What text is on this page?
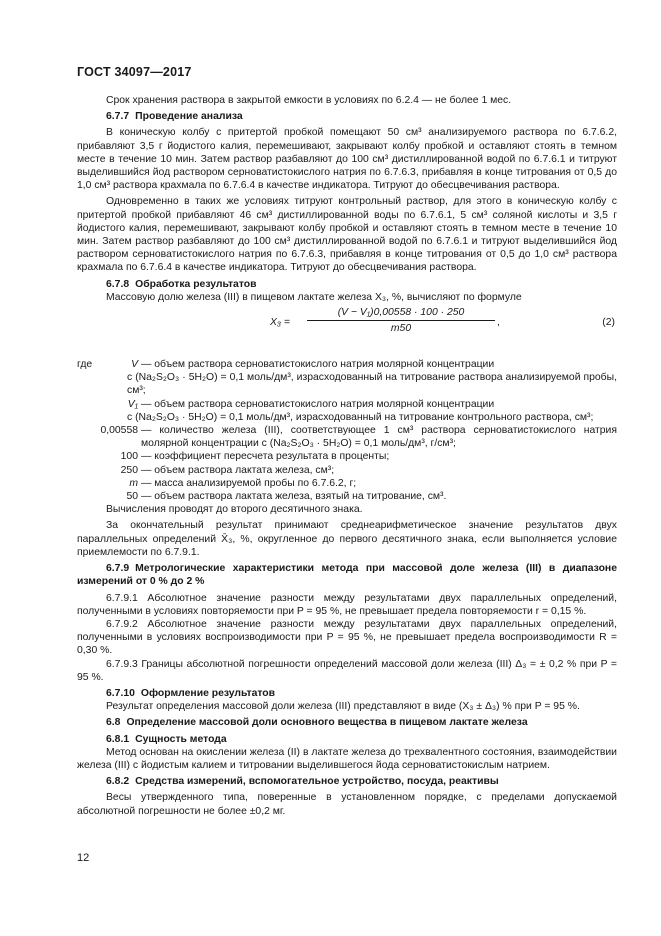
ГОСТ 34097—2017

Срок хранения раствора в закрытой емкости в условиях по 6.2.4 — не более 1 мес.

6.7.7 Проведение анализа

В коническую колбу с притертой пробкой помещают 50 см³ анализируемого раствора по 6.7.6.2, прибавляют 3,5 г йодистого калия, перемешивают, закрывают колбу пробкой и оставляют стоять в темном месте в течение 10 мин. Затем раствор разбавляют до 100 см³ дистиллированной водой по 6.7.6.1 и титруют выделившийся йод раствором серноватистокислого натрия по 6.7.6.3, прибавляя в конце титрования от 0,5 до 1,0 см³ раствора крахмала по 6.7.6.4 в качестве индикатора. Титруют до обесцвечивания раствора.

Одновременно в таких же условиях титруют контрольный раствор, для этого в коническую колбу с притертой пробкой прибавляют 46 см³ дистиллированной воды по 6.7.6.1, 5 см³ соляной кислоты и 3,5 г йодистого калия, перемешивают, закрывают колбу пробкой и оставляют стоять в темном месте в течение 10 мин. Затем раствор разбавляют до 100 см³ дистиллированной водой по 6.7.6.1 и титруют выделившийся йод раствором серноватистокислого натрия по 6.7.6.3, прибавляя в конце титрования от 0,5 до 1,0 см³ раствора крахмала по 6.7.6.4 в качестве индикатора. Титруют до обесцвечивания раствора.

6.7.8 Обработка результатов

Массовую долю железа (III) в пищевом лактате железа X₃, %, вычисляют по формуле

$X_3 = \frac{\text{(V − V₁)0,00558 · 100 · 250}}{m50}$ ,	(2)
где	V — объем раствора серноватистокислого натрия молярной концентрации

c (Na₂S₂O₃ · 5H₂O) = 0,1 моль/дм³, израсходованный на титрование раствора анализируемой пробы, см³;

V₁ — объем раствора серноватистокислого натрия молярной концентрации

c (Na₂S₂O₃ · 5H₂O) = 0,1 моль/дм³, израсходованный на титрование контрольного раствора, см³;

0,00558 — количество железа (III), соответствующее 1 см³ раствора серноватистокислого натрия молярной концентрации c (Na₂S₂O₃ · 5H₂O) = 0,1 моль/дм³, г/см³;
100 — коэффициент пересчета результата в проценты;
250 — объем раствора лактата железа, см³;
m — масса анализируемой пробы по 6.7.6.2, г;
50 — объем раствора лактата железа, взятый на титрование, см³.

Вычисления проводят до второго десятичного знака.

За окончательный результат принимают среднеарифметическое значение результатов двух параллельных определений X̄₃, %, округленное до первого десятичного знака, если выполняется условие приемлемости по 6.7.9.1.

6.7.9 Метрологические характеристики метода при массовой доле железа (III) в диапазоне измерений от 0 % до 2 %

6.7.9.1 Абсолютное значение разности между результатами двух параллельных определений, полученными в условиях повторяемости при P = 95 %, не превышает предела повторяемости r = 0,15 %.

6.7.9.2 Абсолютное значение разности между результатами двух параллельных определений, полученными в условиях воспроизводимости при P = 95 %, не превышает предела воспроизводимости R = 0,30 %.

6.7.9.3 Границы абсолютной погрешности определений массовой доли железа (III) Δ₃ = ± 0,2 % при P = 95 %.

6.7.10 Оформление результатов

Результат определения массовой доли железа (III) представляют в виде (X₃ ± Δ₃) % при P = 95 %.

6.8 Определение массовой доли основного вещества в пищевом лактате железа

6.8.1 Сущность метода

Метод основан на окислении железа (II) в лактате железа до трехвалентного состояния, взаимодействии железа (III) с йодистым калием и титровании выделившегося йода серноватистокислым натрием.

6.8.2 Средства измерений, вспомогательное устройство, посуда, реактивы

Весы утвержденного типа, поверенные в установленном порядке, с пределами допускаемой абсолютной погрешности не более ±0,2 мг.

12
